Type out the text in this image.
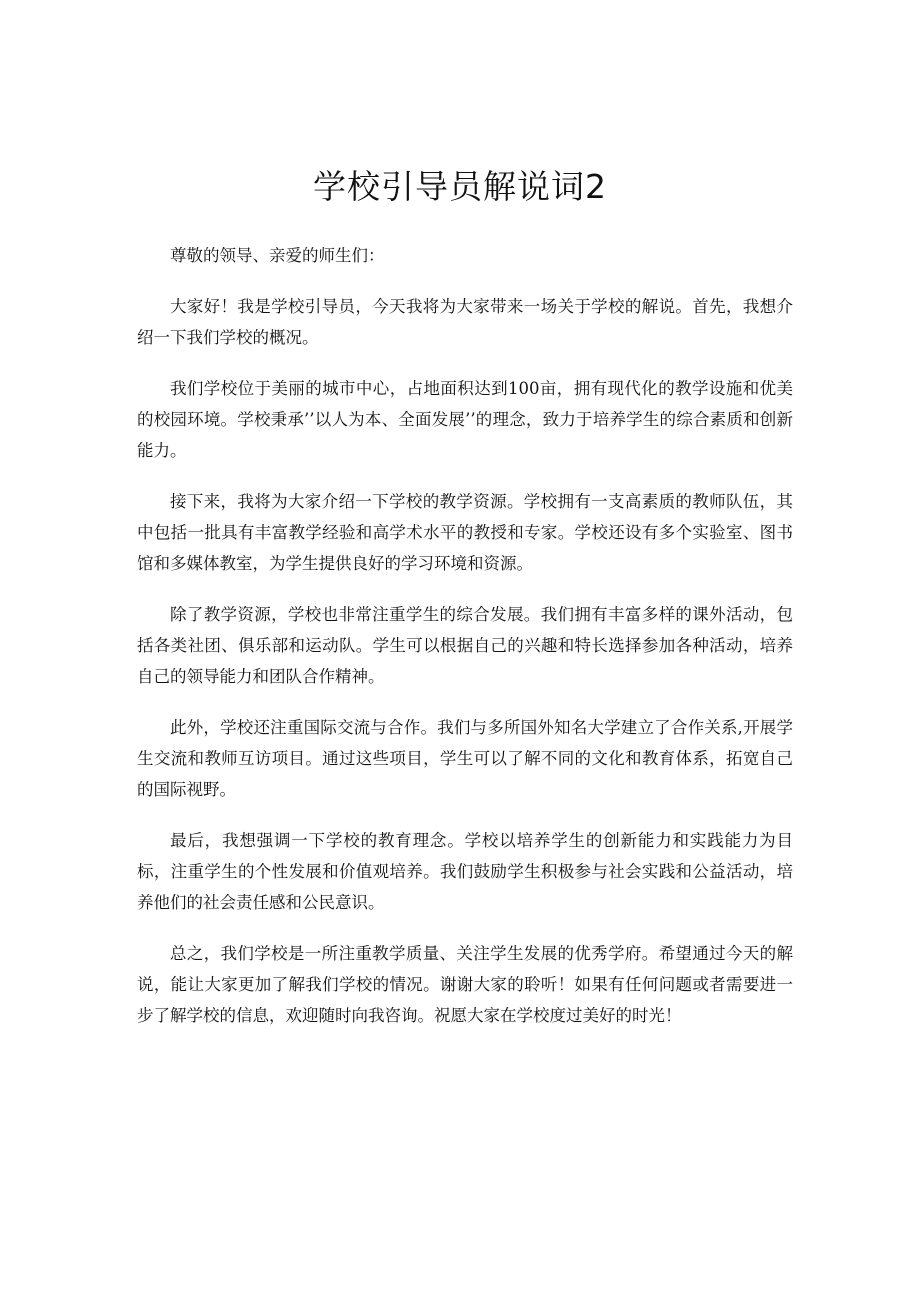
学校引导员解说词2

尊敬的领导、亲爱的师生们：

大家好！我是学校引导员，今天我将为大家带来一场关于学校的解说。首先，我想介绍一下我们学校的概况。

我们学校位于美丽的城市中心，占地面积达到100亩，拥有现代化的教学设施和优美的校园环境。学校秉承’’以人为本、全面发展’’的理念，致力于培养学生的综合素质和创新能力。

接下来，我将为大家介绍一下学校的教学资源。学校拥有一支高素质的教师队伍，其中包括一批具有丰富教学经验和高学术水平的教授和专家。学校还设有多个实验室、图书馆和多媒体教室，为学生提供良好的学习环境和资源。

除了教学资源，学校也非常注重学生的综合发展。我们拥有丰富多样的课外活动，包括各类社团、俱乐部和运动队。学生可以根据自己的兴趣和特长选择参加各种活动，培养自己的领导能力和团队合作精神。

此外，学校还注重国际交流与合作。我们与多所国外知名大学建立了合作关系,开展学生交流和教师互访项目。通过这些项目，学生可以了解不同的文化和教育体系，拓宽自己的国际视野。

最后，我想强调一下学校的教育理念。学校以培养学生的创新能力和实践能力为目标，注重学生的个性发展和价值观培养。我们鼓励学生积极参与社会实践和公益活动，培养他们的社会责任感和公民意识。

总之，我们学校是一所注重教学质量、关注学生发展的优秀学府。希望通过今天的解说，能让大家更加了解我们学校的情况。谢谢大家的聆听！如果有任何问题或者需要进一步了解学校的信息，欢迎随时向我咨询。祝愿大家在学校度过美好的时光！
